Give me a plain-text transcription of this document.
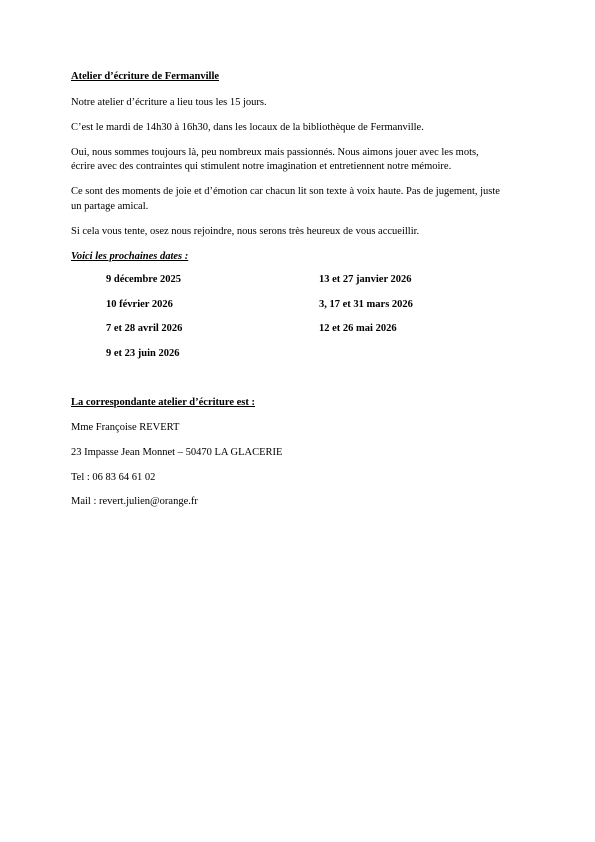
Atelier d’écriture de Fermanville

Notre atelier d’écriture a lieu tous les 15 jours.

C’est le mardi de 14h30 à 16h30, dans les locaux de la bibliothèque de Fermanville.

Oui, nous sommes toujours là, peu nombreux mais passionnés. Nous aimons jouer avec les mots,

écrire avec des contraintes qui stimulent notre imagination et entretiennent notre mémoire.

Ce sont des moments de joie et d’émotion car chacun lit son texte à voix haute. Pas de jugement, juste

un partage amical.

Si cela vous tente, osez nous rejoindre, nous serons très heureux de vous accueillir.

Voici les prochaines dates :

9 décembre 2025	13 et 27 janvier 2026

10 février 2026	3, 17 et 31 mars 2026

7 et 28 avril 2026	12 et 26 mai 2026

9 et 23 juin 2026

La correspondante atelier d’écriture est :

Mme Françoise REVERT

23 Impasse Jean Monnet – 50470 LA GLACERIE

Tel : 06 83 64 61 02

Mail : revert.julien@orange.fr
